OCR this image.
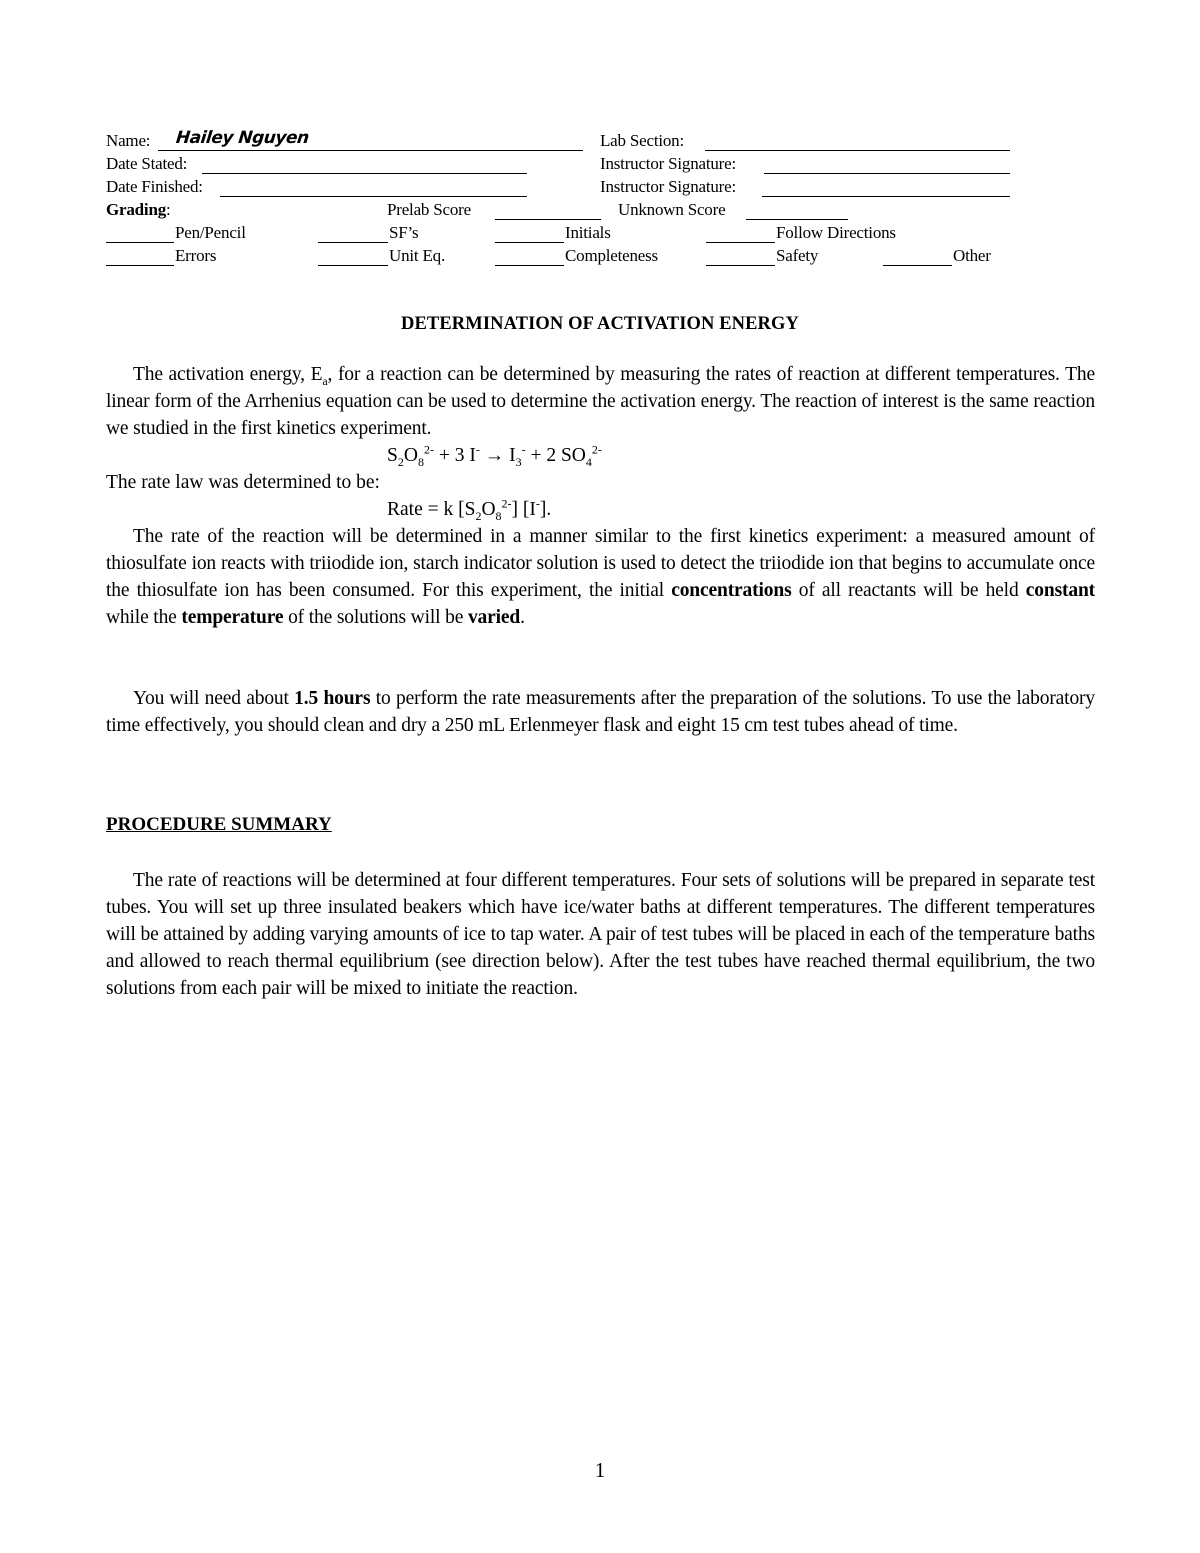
Name: Hailey Nguyen	Lab Section:
Date Stated:	Instructor Signature:
Date Finished:	Instructor Signature:
Grading:	Prelab Score	Unknown Score
Pen/Pencil	SF’s	Initials	Follow Directions
Errors	Unit Eq.	Completeness	Safety	Other
DETERMINATION OF ACTIVATION ENERGY
The activation energy, $E_a$, for a reaction can be determined by measuring the rates of reaction at different temperatures. The linear form of the Arrhenius equation can be used to determine the activation energy. The reaction of interest is the same reaction we studied in the first kinetics experiment.
$S_2O_8^{2-} + 3$ $I^- \to I_3^- + 2$ $SO_4^{2-}$
The rate law was determined to be:
Rate = k $[S_2O_8^{2-}]$ [I-].
The rate of the reaction will be determined in a manner similar to the first kinetics experiment: a measured amount of thiosulfate ion reacts with triiodide ion, starch indicator solution is used to detect the triiodide ion that begins to accumulate once the thiosulfate ion has been consumed. For this experiment, the initial concentrations of all reactants will be held constant while the temperature of the solutions will be varied.
You will need about 1.5 hours to perform the rate measurements after the preparation of the solutions. To use the laboratory time effectively, you should clean and dry a 250 mL Erlenmeyer flask and eight 15 cm test tubes ahead of time.
PROCEDURE SUMMARY
The rate of reactions will be determined at four different temperatures. Four sets of solutions will be prepared in separate test tubes. You will set up three insulated beakers which have ice/water baths at different temperatures. The different temperatures will be attained by adding varying amounts of ice to tap water. A pair of test tubes will be placed in each of the temperature baths and allowed to reach thermal equilibrium (see direction below). After the test tubes have reached thermal equilibrium, the two solutions from each pair will be mixed to initiate the reaction.
1
